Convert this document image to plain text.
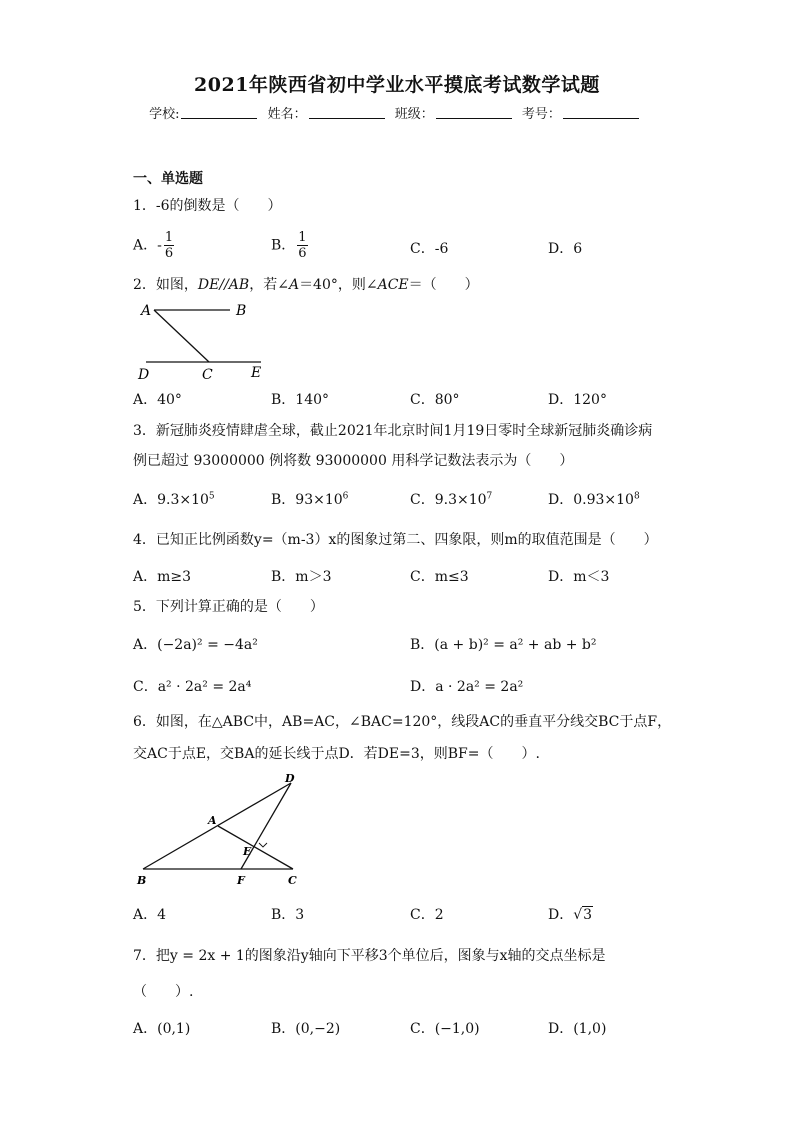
2021年陕西省初中学业水平摸底考试数学试题
学校:	姓名：	班级：	考号：
一、单选题
1．-6的倒数是（　　）
A．- $\frac{1}{6}$	B． $\frac{1}{6}$	C．-6	D．6
2．如图，DE//AB，若∠A＝40°，则∠ACE＝（　　）
A	B
D	C	E
A．40°	B．140°	C．80°	D．120°
3．新冠肺炎疫情肆虐全球，截止2021年北京时间1月19日零时全球新冠肺炎确诊病
例已超过 93000000 例将数 93000000 用科学记数法表示为（　　）
A．$9.3\times 10^5$	B．$93\times 10^6$	C．$9.3\times 10^7$	D．$0.93\times 10^8$
4．已知正比例函数y=（m-3）x的图象过第二、四象限，则m的取值范围是（　　）
A．m≥3	B．m＞3	C．m≤3	D．m＜3
5．下列计算正确的是（　　）
A．(−2a)² = −4a²	B．(a + b)² = a² + ab + b²
C．a² · 2a² = 2a⁴	D．a · 2a² = 2a²
6．如图，在△ABC中，AB=AC，∠BAC=120°，线段AC的垂直平分线交BC于点F，
交AC于点E，交BA的延长线于点D．若DE=3，则BF=（　　）.
D
A
E
B	F	C
A．4	B．3	C．2	D．√3
7．把y = 2x + 1的图象沿y轴向下平移3个单位后，图象与x轴的交点坐标是
（　　）.
A．(0,1)	B．(0,−2)	C．(−1,0)	D．(1,0)
